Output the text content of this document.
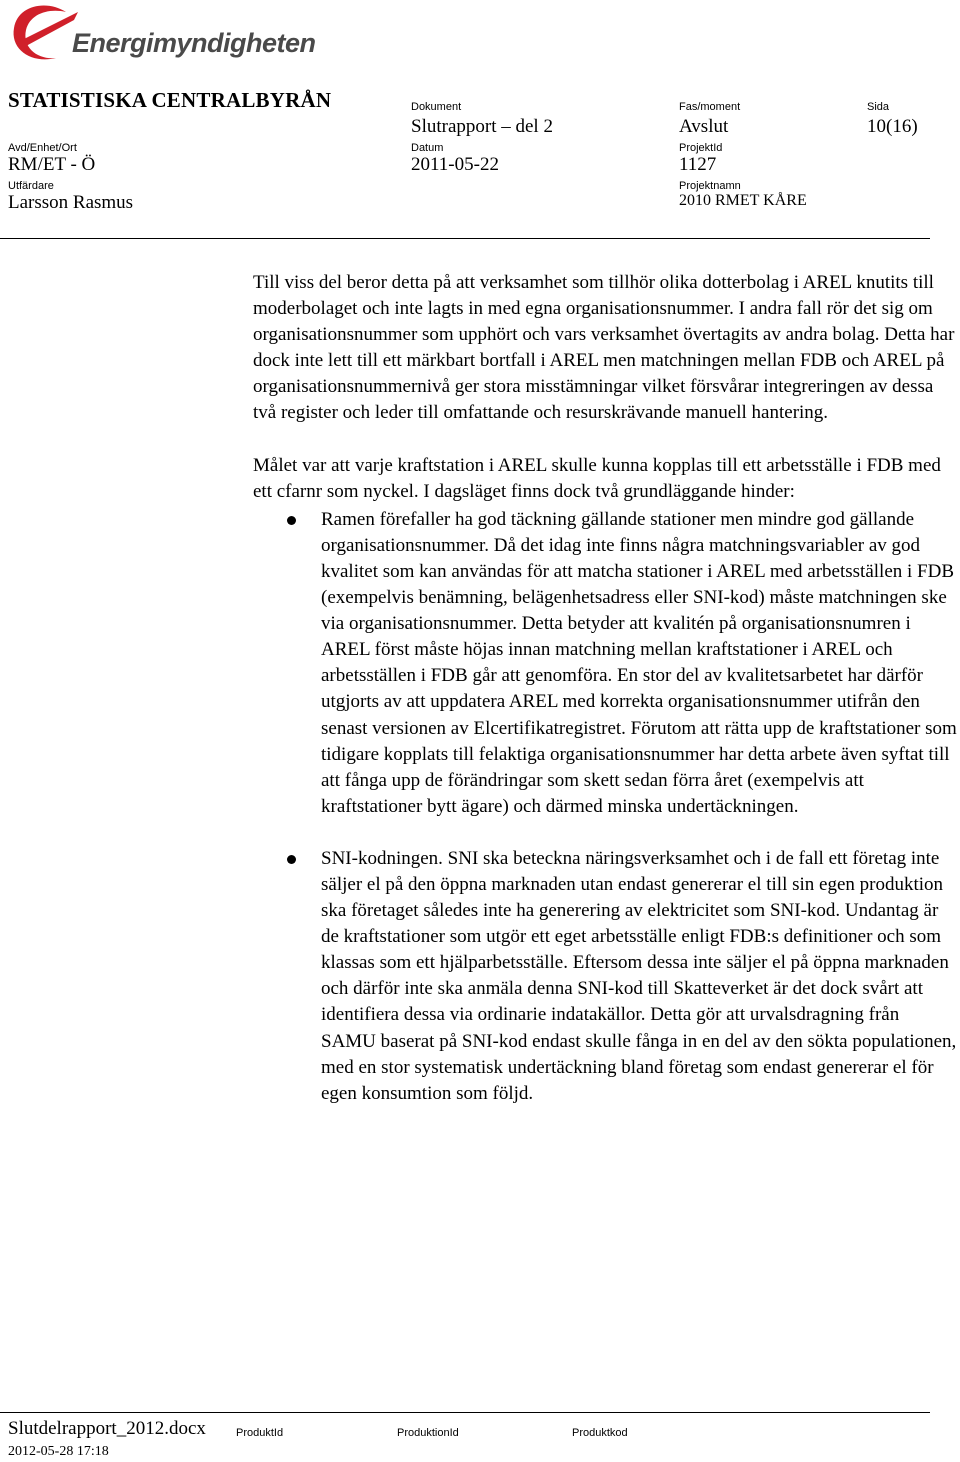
Energimyndigheten
STATISTISKA CENTRALBYRÅN	Dokument
Slutrapport – del 2
Fas/moment
Avslut
Sida
10(16)
Avd/Enhet/Ort
RM/ET - Ö
Datum
2011-05-22
ProjektId
1127
Utfärdare
Larsson Rasmus
Projektnamn
2010 RMET KÅRE

Till viss del beror detta på att verksamhet som tillhör olika dotterbolag i AREL knutits till moderbolaget och inte lagts in med egna organisationsnummer. I andra fall rör det sig om organisationsnummer som upphört och vars verksamhet övertagits av andra bolag. Detta har dock inte lett till ett märkbart bortfall i AREL men matchningen mellan FDB och AREL på organisationsnummernivå ger stora misstämningar vilket försvårar integreringen av dessa två register och leder till omfattande och resurskrävande manuell hantering.

Målet var att varje kraftstation i AREL skulle kunna kopplas till ett arbetsställe i FDB med ett cfarnr som nyckel. I dagsläget finns dock två grundläggande hinder:

Ramen förefaller ha god täckning gällande stationer men mindre god gällande organisationsnummer. Då det idag inte finns några matchningsvariabler av god kvalitet som kan användas för att matcha stationer i AREL med arbetsställen i FDB (exempelvis benämning, belägenhetsadress eller SNI-kod) måste matchningen ske via organisationsnummer. Detta betyder att kvalitén på organisationsnumren i AREL först måste höjas innan matchning mellan kraftstationer i AREL och arbetsställen i FDB går att genomföra. En stor del av kvalitetsarbetet har därför utgjorts av att uppdatera AREL med korrekta organisationsnummer utifrån den senast versionen av Elcertifikatregistret. Förutom att rätta upp de kraftstationer som tidigare kopplats till felaktiga organisationsnummer har detta arbete även syftat till att fånga upp de förändringar som skett sedan förra året (exempelvis att kraftstationer bytt ägare) och därmed minska undertäckningen.
SNI-kodningen. SNI ska beteckna näringsverksamhet och i de fall ett företag inte säljer el på den öppna marknaden utan endast genererar el till sin egen produktion ska företaget således inte ha generering av elektricitet som SNI-kod. Undantag är de kraftstationer som utgör ett eget arbetsställe enligt FDB:s definitioner och som klassas som ett hjälparbetsställe. Eftersom dessa inte säljer el på öppna marknaden och därför inte ska anmäla denna SNI-kod till Skatteverket är det dock svårt att identifiera dessa via ordinarie indatakällor. Detta gör att urvalsdragning från SAMU baserat på SNI-kod endast skulle fånga in en del av den sökta populationen, med en stor systematisk undertäckning bland företag som endast genererar el för egen konsumtion som följd.
Slutdelrapport_2012.docx
2012-05-28 17:18
ProduktId	ProduktionId	Produktkod
